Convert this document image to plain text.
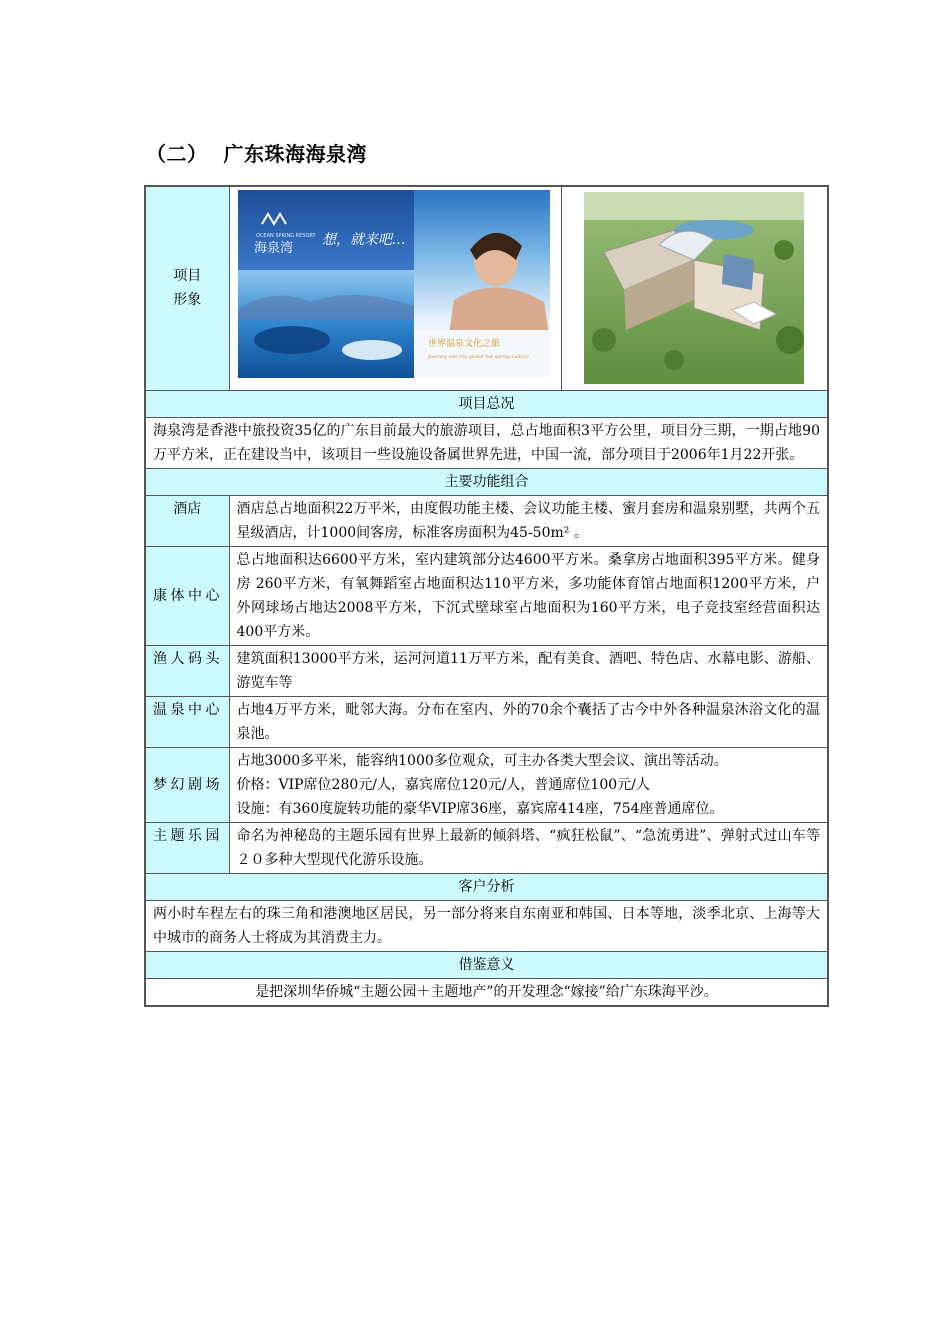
（二） 广东珠海海泉湾
项目
形象	OCEAN SPRING RESORT
海泉湾
想，就来吧…
世界温泉文化之旅
Journey into the global hot spring culture

项目总况		
海泉湾是香港中旅投资35亿的广东目前最大的旅游项目，总占地面积3平方公里，项目分三期，一期占地90万平方米，正在建设当中，该项目一些设施设备属世界先进，中国一流，部分项目于2006年1月22开张。		
主要功能组合		
酒店	酒店总占地面积22万平米，由度假功能主楼、会议功能主楼、蜜月套房和温泉别墅，共两个五星级酒店，计1000间客房，标准客房面积为45-50m² 。	
康体中心	总占地面积达6600平方米，室内建筑部分达4600平方米。桑拿房占地面积395平方米。健身房 260平方米，有氧舞蹈室占地面积达110平方米，多功能体育馆占地面积1200平方米，户外网球场占地达2008平方米，下沉式壁球室占地面积为160平方米，电子竞技室经营面积达400平方米。	
渔人码头	建筑面积13000平方米，运河河道11万平方米，配有美食、酒吧、特色店、水幕电影、游船、游览车等	
温泉中心	占地4万平方米，毗邻大海。分布在室内、外的70余个囊括了古今中外各种温泉沐浴文化的温泉池。	
梦幻剧场	占地3000多平米，能容纳1000多位观众，可主办各类大型会议、演出等活动。
价格：VIP席位280元/人，嘉宾席位120元/人，普通席位100元/人
设施：有360度旋转功能的豪华VIP席36座，嘉宾席414座，754座普通席位。	
主题乐园	命名为神秘岛的主题乐园有世界上最新的倾斜塔、“疯狂松鼠”、“急流勇进”、弹射式过山车等２０多种大型现代化游乐设施。	
客户分析		
两小时车程左右的珠三角和港澳地区居民，另一部分将来自东南亚和韩国、日本等地，淡季北京、上海等大中城市的商务人士将成为其消费主力。		
借鉴意义		
是把深圳华侨城“主题公园＋主题地产”的开发理念“嫁接”给广东珠海平沙。		
